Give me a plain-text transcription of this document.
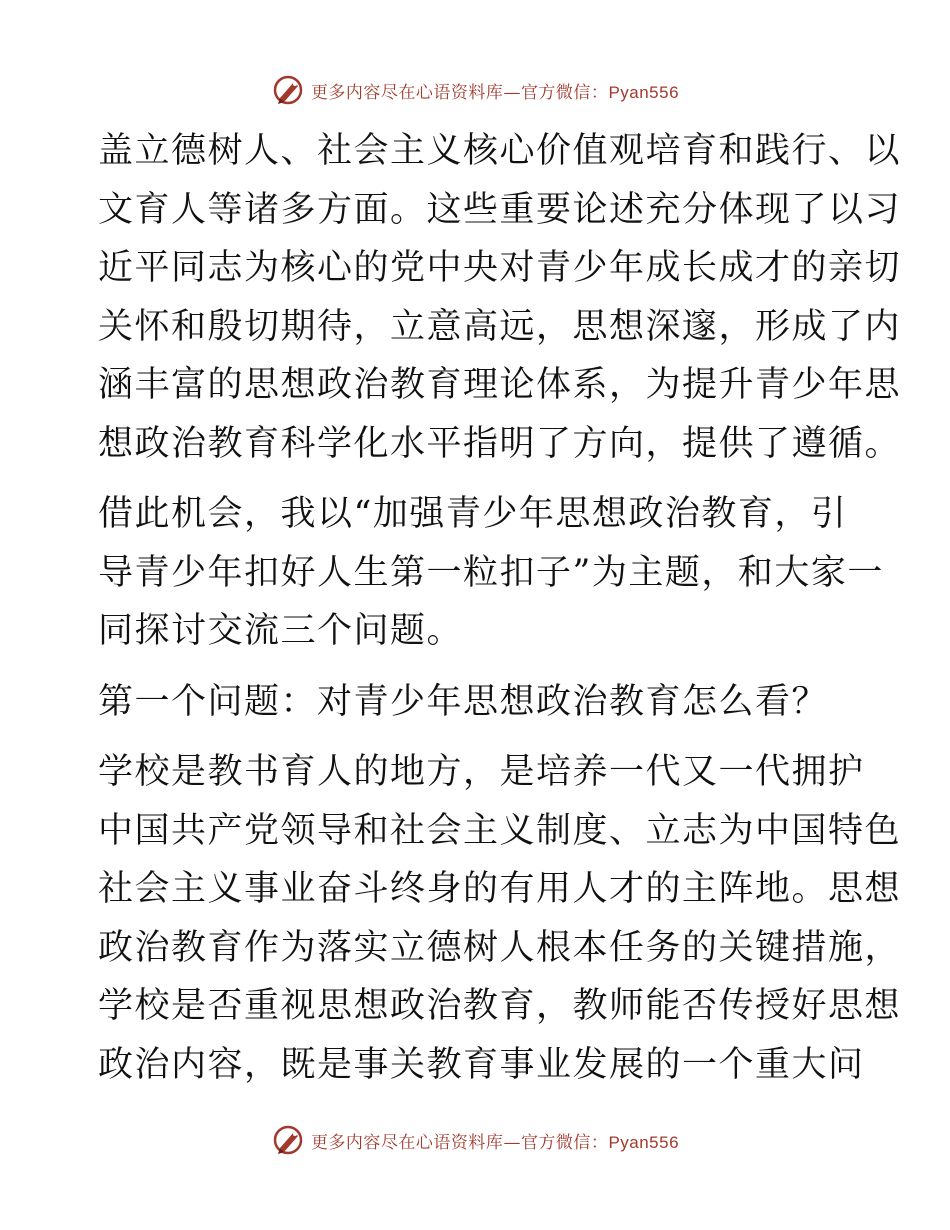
更多内容尽在心语资料库—官方微信：Pyan556

盖立德树人、社会主义核心价值观培育和践行、以
文育人等诸多方面。这些重要论述充分体现了以习
近平同志为核心的党中央对青少年成长成才的亲切
关怀和殷切期待，立意高远，思想深邃，形成了内
涵丰富的思想政治教育理论体系，为提升青少年思
想政治教育科学化水平指明了方向，提供了遵循。

借此机会，我以“加强青少年思想政治教育，引
导青少年扣好人生第一粒扣子”为主题，和大家一
同探讨交流三个问题。

第一个问题：对青少年思想政治教育怎么看？

学校是教书育人的地方，是培养一代又一代拥护
中国共产党领导和社会主义制度、立志为中国特色
社会主义事业奋斗终身的有用人才的主阵地。思想
政治教育作为落实立德树人根本任务的关键措施，
学校是否重视思想政治教育，教师能否传授好思想
政治内容，既是事关教育事业发展的一个重大问

更多内容尽在心语资料库—官方微信：Pyan556
